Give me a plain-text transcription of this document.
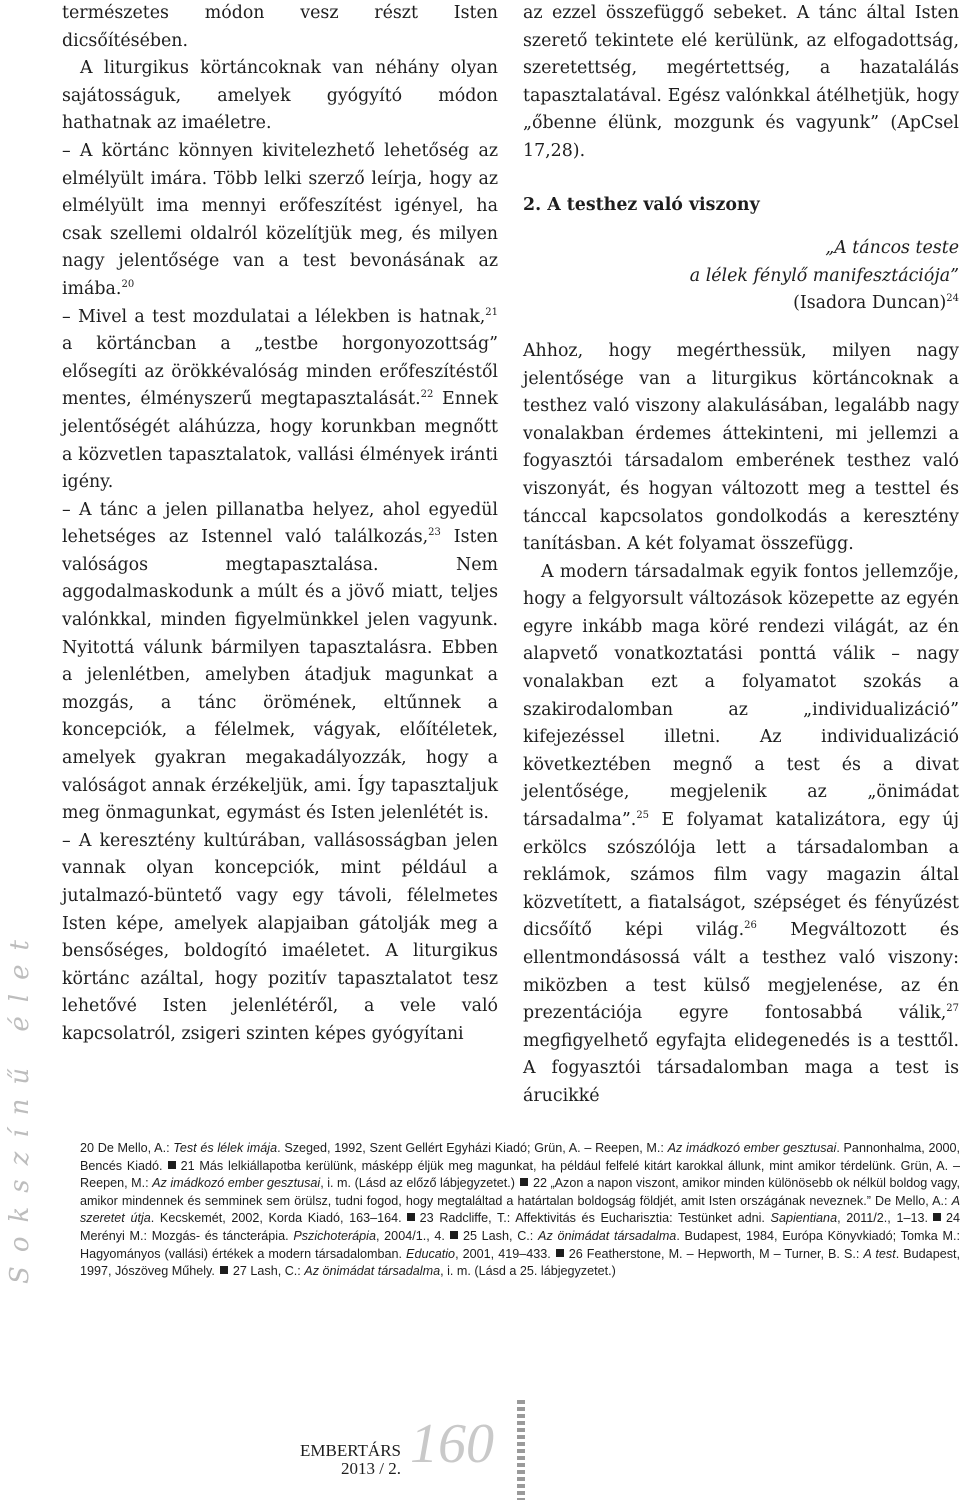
természetes módon vesz részt Isten dicsőítésében.

A liturgikus körtáncoknak van néhány olyan sajátosságuk, amelyek gyógyító módon hathatnak az imaéletre.

– A körtánc könnyen kivitelezhető lehetőség az elmélyült imára. Több lelki szerző leírja, hogy az elmélyült ima mennyi erőfeszítést igényel, ha csak szellemi oldalról közelítjük meg, és milyen nagy jelentősége van a test bevonásának az imába.$^{20}$

– Mivel a test mozdulatai a lélekben is hatnak,$^{21}$ a körtáncban a „testbe horgonyozottság” elősegíti az örökkévalóság minden erőfeszítéstől mentes, élményszerű megtapasztalását.$^{22}$ Ennek jelentőségét aláhúzza, hogy korunkban megnőtt a közvetlen tapasztalatok, vallási élmények iránti igény.

– A tánc a jelen pillanatba helyez, ahol egyedül lehetséges az Istennel való találkozás,$^{23}$ Isten valóságos megtapasztalása. Nem aggodalmaskodunk a múlt és a jövő miatt, teljes valónkkal, minden figyelmünkkel jelen vagyunk. Nyitottá válunk bármilyen tapasztalásra. Ebben a jelenlétben, amelyben átadjuk magunkat a mozgás, a tánc örömének, eltűnnek a koncepciók, a félelmek, vágyak, előítéletek, amelyek gyakran megakadályozzák, hogy a valóságot annak érzékeljük, ami. Így tapasztaljuk meg önmagunkat, egymást és Isten jelenlétét is.

– A keresztény kultúrában, vallásosságban jelen vannak olyan koncepciók, mint például a jutalmazó-büntető vagy egy távoli, félelmetes Isten képe, amelyek alapjaiban gátolják meg a bensőséges, boldogító imaéletet. A liturgikus körtánc azáltal, hogy pozitív tapasztalatot tesz lehetővé Isten jelenlétéről, a vele való kapcsolatról, zsigeri szinten képes gyógyítani

az ezzel összefüggő sebeket. A tánc által Isten szerető tekintete elé kerülünk, az elfogadottság, szeretettség, megértettség, a hazatalálás tapasztalatával. Egész valónkkal átélhetjük, hogy „őbenne élünk, mozgunk és vagyunk” (ApCsel 17,28).

2. A testhez való viszony

„A táncos teste

a lélek fénylő manifesztációja”

(Isadora Duncan)$^{24}$

Ahhoz, hogy megérthessük, milyen nagy jelentősége van a liturgikus körtáncoknak a testhez való viszony alakulásában, legalább nagy vonalakban érdemes áttekinteni, mi jellemzi a fogyasztói társadalom emberének testhez való viszonyát, és hogyan változott meg a testtel és tánccal kapcsolatos gondolkodás a keresztény tanításban. A két folyamat összefügg.

A modern társadalmak egyik fontos jellemzője, hogy a felgyorsult változások közepette az egyén egyre inkább maga köré rendezi világát, az én alapvető vonatkoztatási ponttá válik – nagy vonalakban ezt a folyamatot szokás a szakirodalomban az „individualizáció” kifejezéssel illetni. Az individualizáció következtében megnő a test és a divat jelentősége, megjelenik az „önimádat társadalma”.$^{25}$ E folyamat katalizátora, egy új erkölcs szószólója lett a társadalomban a reklámok, számos film vagy magazin által közvetített, a fiatalságot, szépséget és fényűzést dicsőítő képi világ.$^{26}$ Megváltozott és ellentmondásossá vált a testhez való viszony: miközben a test külső megjelenése, az én prezentációja egyre fontosabbá válik,$^{27}$ megfigyelhető egyfajta elidegenedés is a testtől. A fogyasztói társadalomban maga a test is árucikké

Sokszínű élet	20 De Mello, A.: Test és lélek imája. Szeged, 1992, Szent Gellért Egyházi Kiadó; Grün, A. – Reepen, M.: Az imádkozó ember gesztusai. Pannonhalma, 2000, Bencés Kiadó. 21 Más lelkiállapotba kerülünk, másképp éljük meg magunkat, ha például felfelé kitárt karokkal állunk, mint amikor térdelünk. Grün, A. – Reepen, M.: Az imádkozó ember gesztusai, i. m. (Lásd az előző lábjegyzetet.) 22 „Azon a napon viszont, amikor minden különösebb ok nélkül boldog vagy, amikor mindennek és semminek sem örülsz, tudni fogod, hogy megtaláltad a határtalan boldogság földjét, amit Isten országának neveznek.” De Mello, A.: A szeretet útja. Kecskemét, 2002, Korda Kiadó, 163–164. 23 Radcliffe, T.: Affektivitás és Eucharisztia: Testünket adni. Sapientiana, 2011/2., 1–13. 24 Merényi M.: Mozgás- és táncterápia. Pszichoterápia, 2004/1., 4. 25 Lash, C.: Az önimádat társadalma. Budapest, 1984, Európa Könyvkiadó; Tomka M.: Hagyományos (vallási) értékek a modern társadalomban. Educatio, 2001, 419–433. 26 Featherstone, M. – Hepworth, M – Turner, B. S.: A test. Budapest, 1997, Jószöveg Műhely. 27 Lash, C.: Az önimádat társadalma, i. m. (Lásd a 25. lábjegyzetet.)
EMBERTÁRS
2013 / 2. 160
